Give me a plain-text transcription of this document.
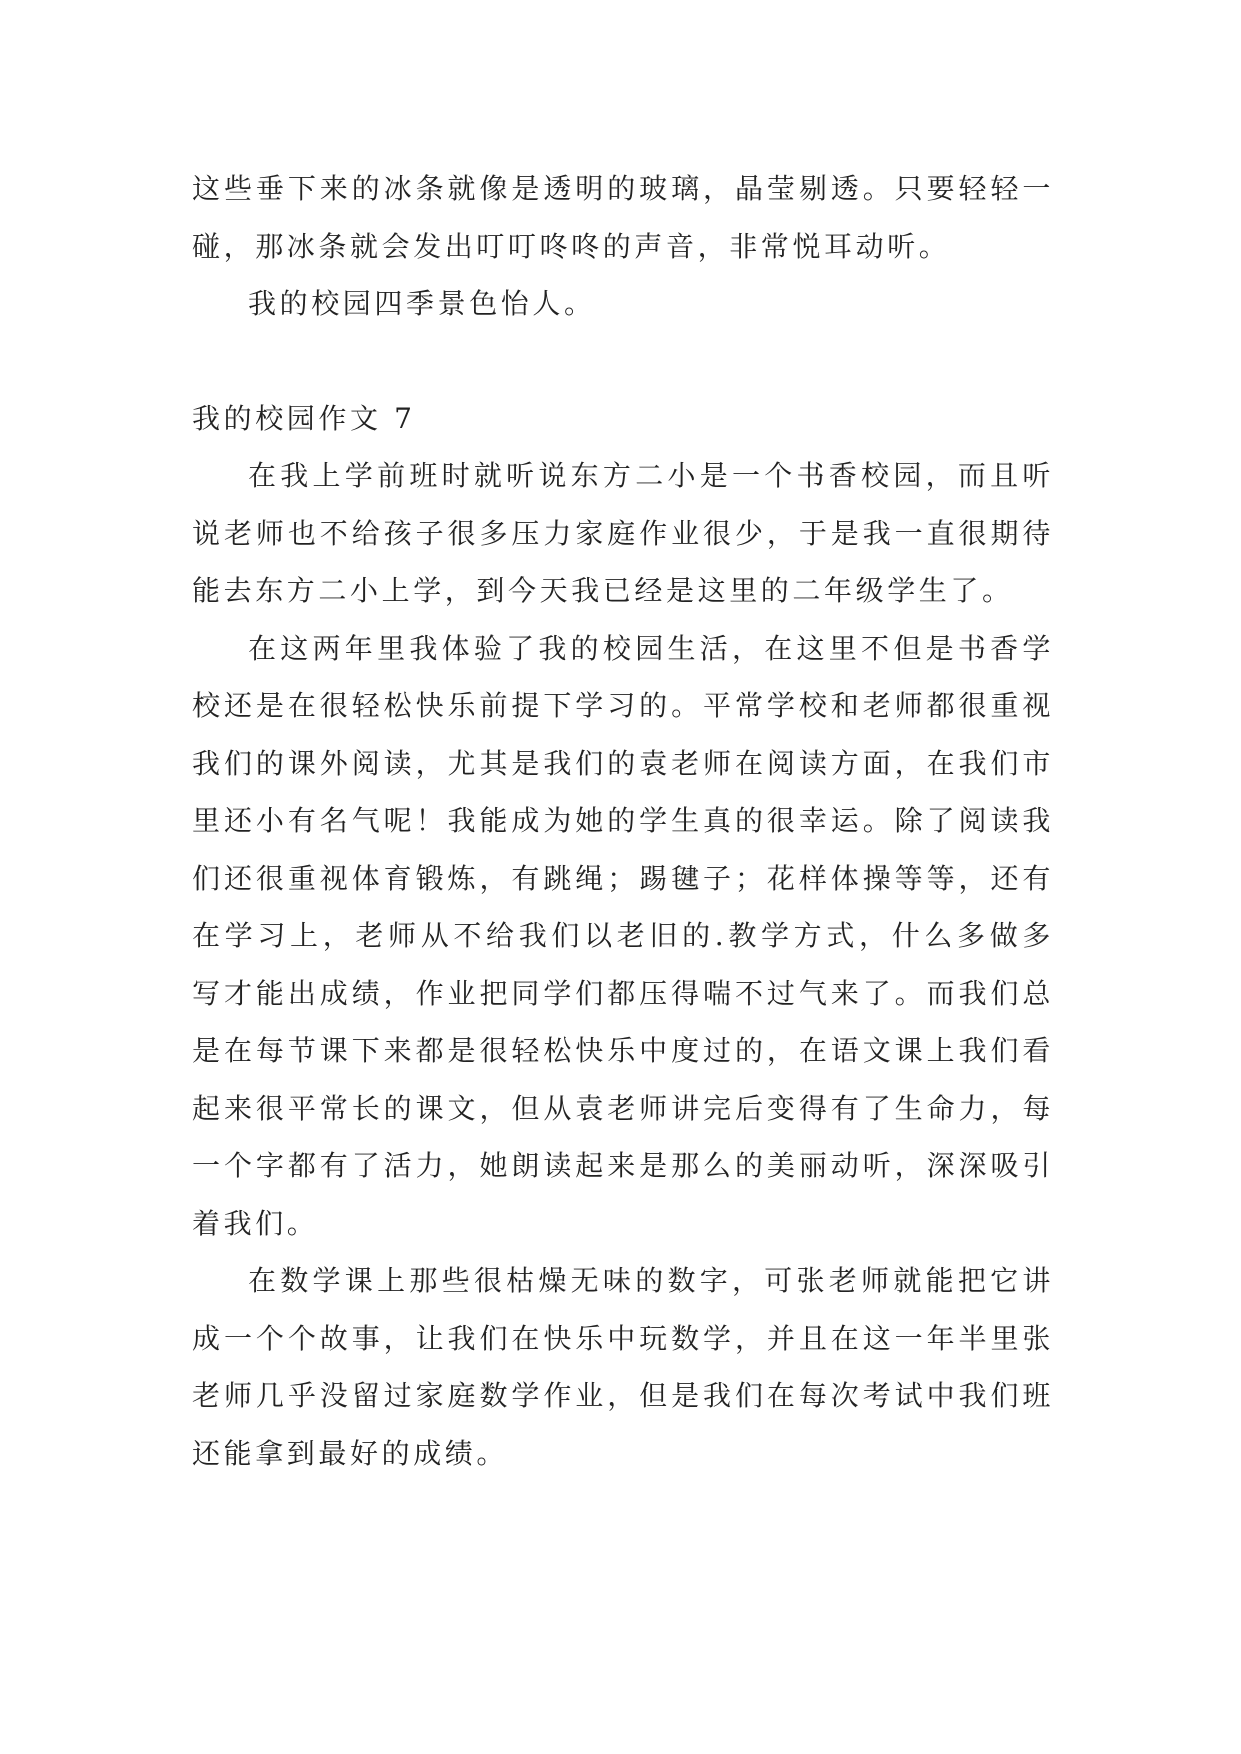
这些垂下来的冰条就像是透明的玻璃，晶莹剔透。只要轻轻一碰，那冰条就会发出叮叮咚咚的声音，非常悦耳动听。

我的校园四季景色怡人。

我的校园作文 7

在我上学前班时就听说东方二小是一个书香校园，而且听说老师也不给孩子很多压力家庭作业很少，于是我一直很期待能去东方二小上学，到今天我已经是这里的二年级学生了。

在这两年里我体验了我的校园生活，在这里不但是书香学校还是在很轻松快乐前提下学习的。平常学校和老师都很重视我们的课外阅读，尤其是我们的袁老师在阅读方面，在我们市里还小有名气呢！我能成为她的学生真的很幸运。除了阅读我们还很重视体育锻炼，有跳绳；踢毽子；花样体操等等，还有在学习上，老师从不给我们以老旧的.教学方式，什么多做多写才能出成绩，作业把同学们都压得喘不过气来了。而我们总是在每节课下来都是很轻松快乐中度过的，在语文课上我们看起来很平常长的课文，但从袁老师讲完后变得有了生命力，每一个字都有了活力，她朗读起来是那么的美丽动听，深深吸引着我们。

在数学课上那些很枯燥无味的数字，可张老师就能把它讲成一个个故事，让我们在快乐中玩数学，并且在这一年半里张老师几乎没留过家庭数学作业，但是我们在每次考试中我们班还能拿到最好的成绩。
